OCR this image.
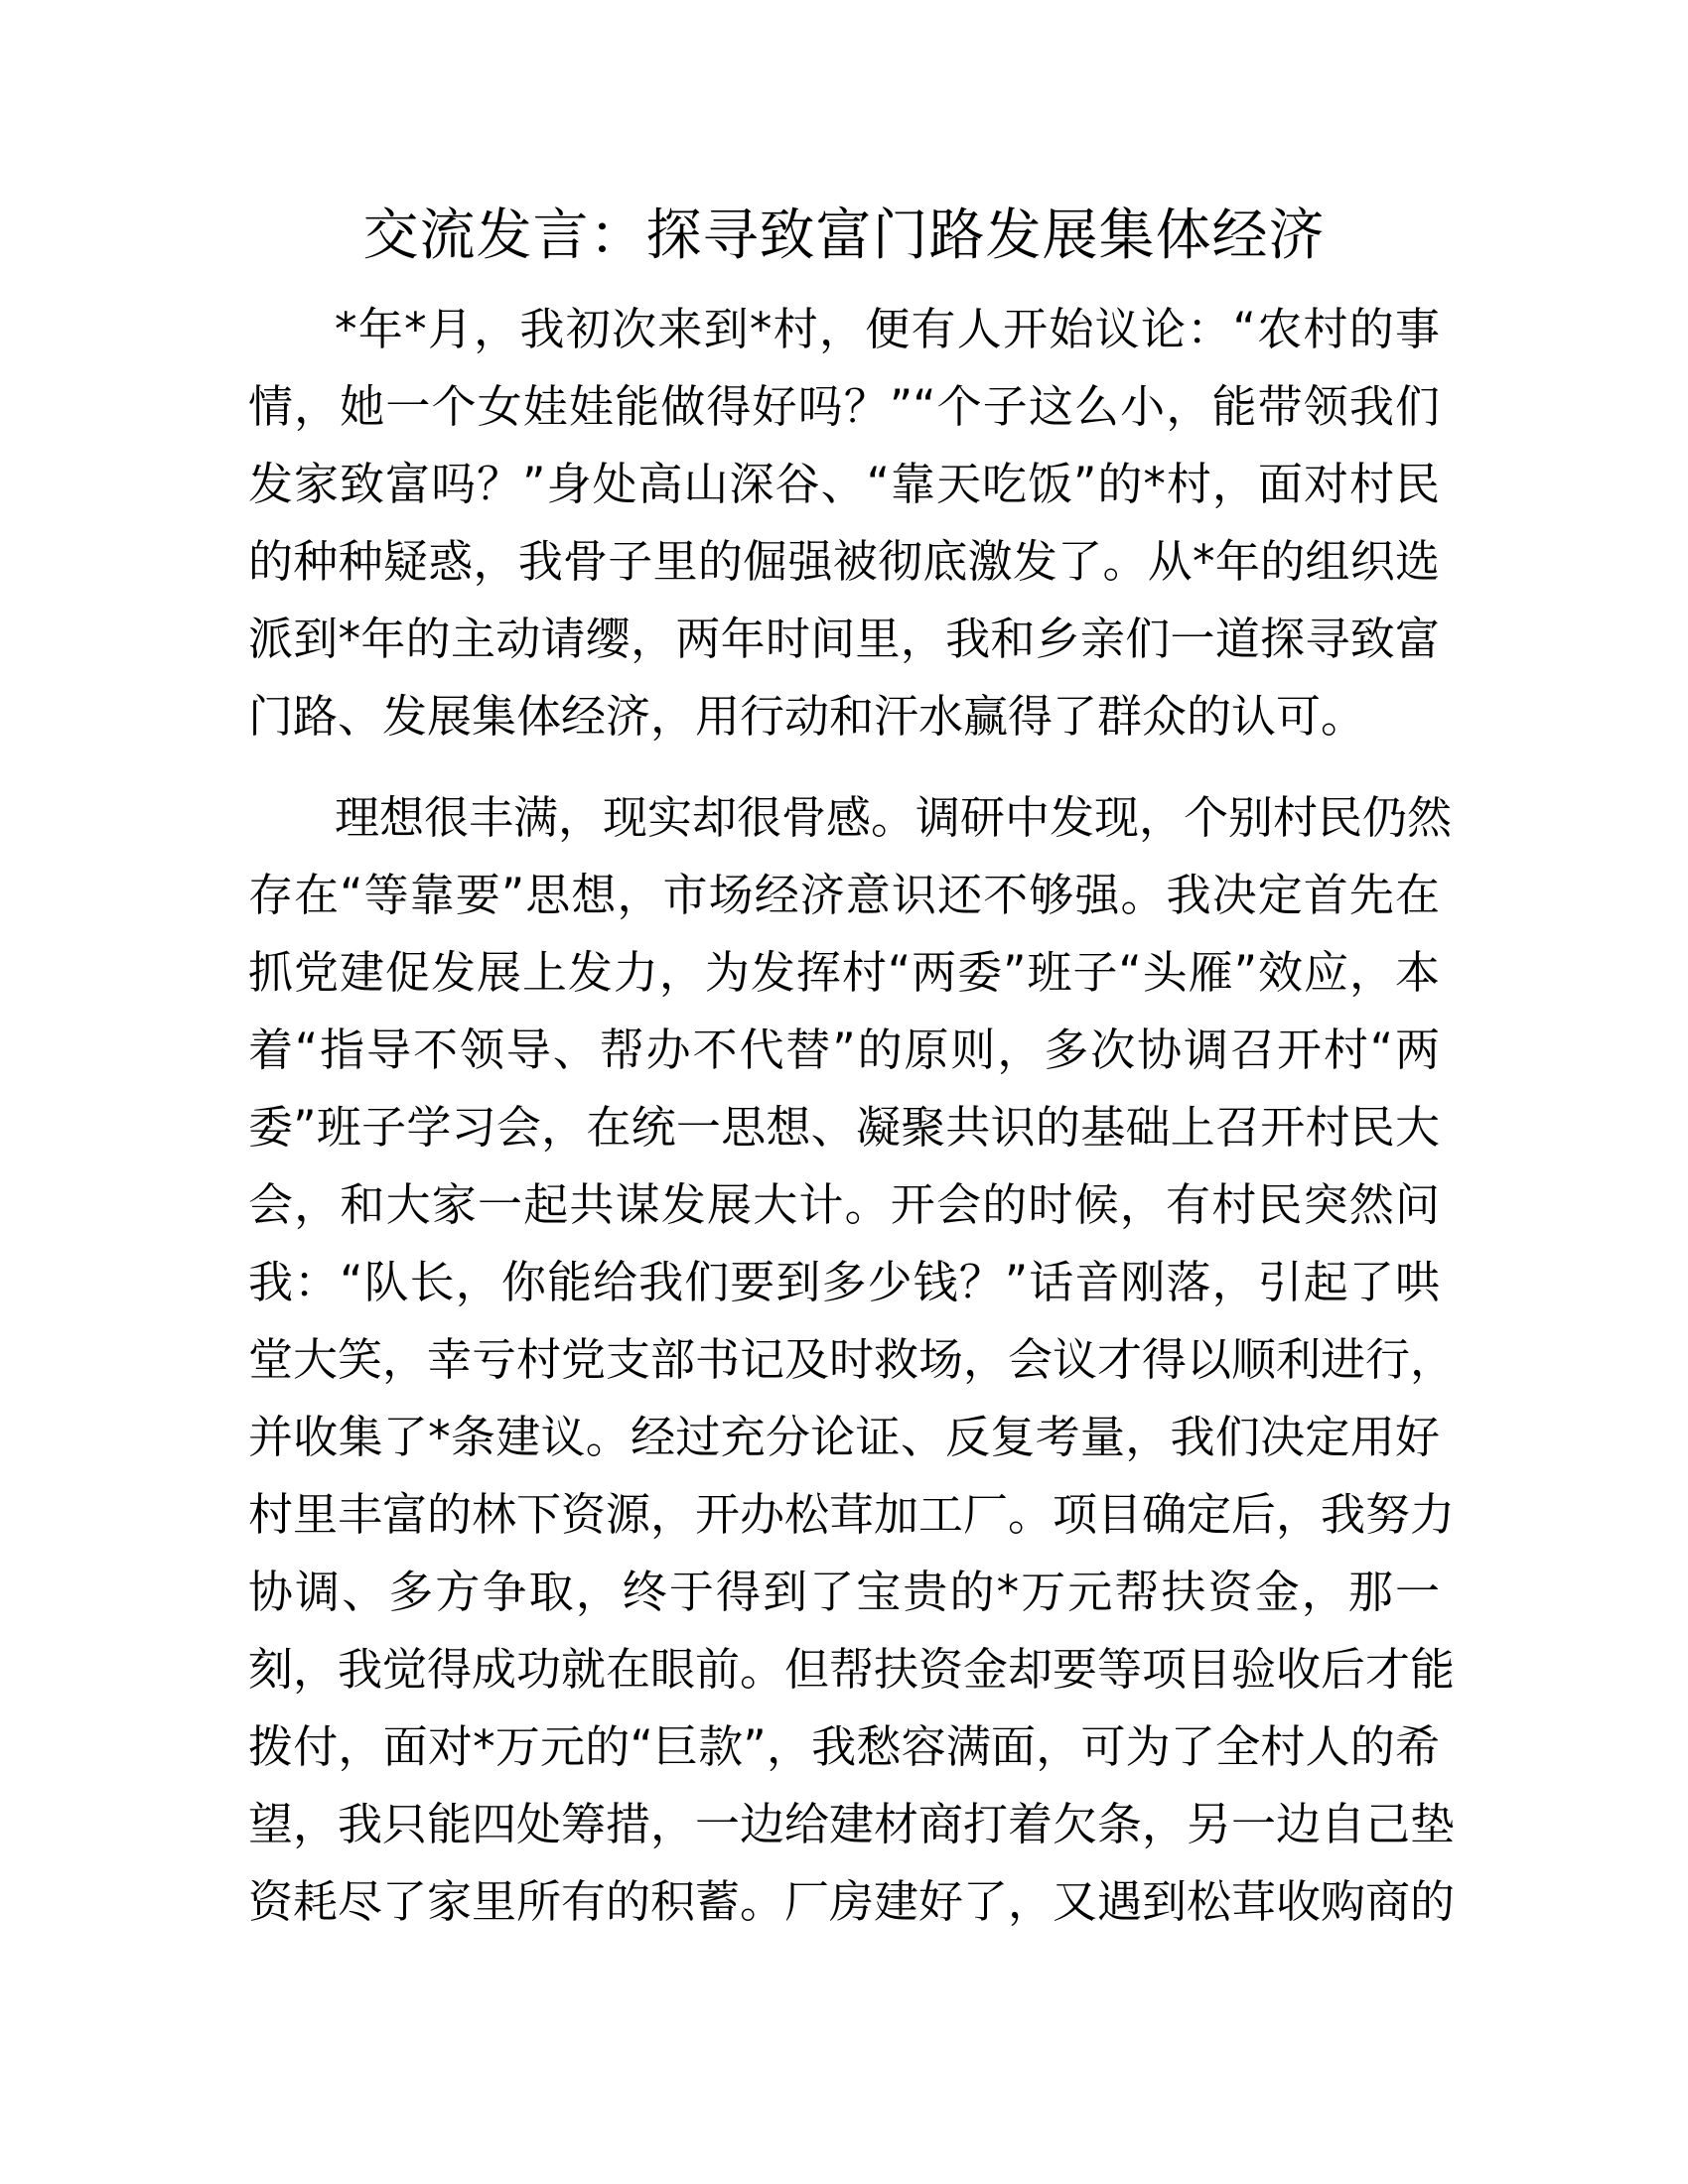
交流发言：探寻致富门路发展集体经济

*年*月，我初次来到*村，便有人开始议论：“农村的事

情，她一个女娃娃能做得好吗？”“个子这么小，能带领我们

发家致富吗？”身处高山深谷、“靠天吃饭”的*村，面对村民

的种种疑惑，我骨子里的倔强被彻底激发了。从*年的组织选

派到*年的主动请缨，两年时间里，我和乡亲们一道探寻致富

门路、发展集体经济，用行动和汗水赢得了群众的认可。

理想很丰满，现实却很骨感。调研中发现，个别村民仍然

存在“等靠要”思想，市场经济意识还不够强。我决定首先在

抓党建促发展上发力，为发挥村“两委”班子“头雁”效应，本

着“指导不领导、帮办不代替”的原则，多次协调召开村“两

委”班子学习会，在统一思想、凝聚共识的基础上召开村民大

会，和大家一起共谋发展大计。开会的时候，有村民突然问

我：“队长，你能给我们要到多少钱？”话音刚落，引起了哄

堂大笑，幸亏村党支部书记及时救场，会议才得以顺利进行，

并收集了*条建议。经过充分论证、反复考量，我们决定用好

村里丰富的林下资源，开办松茸加工厂。项目确定后，我努力

协调、多方争取，终于得到了宝贵的*万元帮扶资金，那一

刻，我觉得成功就在眼前。但帮扶资金却要等项目验收后才能

拨付，面对*万元的“巨款”，我愁容满面，可为了全村人的希

望，我只能四处筹措，一边给建材商打着欠条，另一边自己垫

资耗尽了家里所有的积蓄。厂房建好了，又遇到松茸收购商的
